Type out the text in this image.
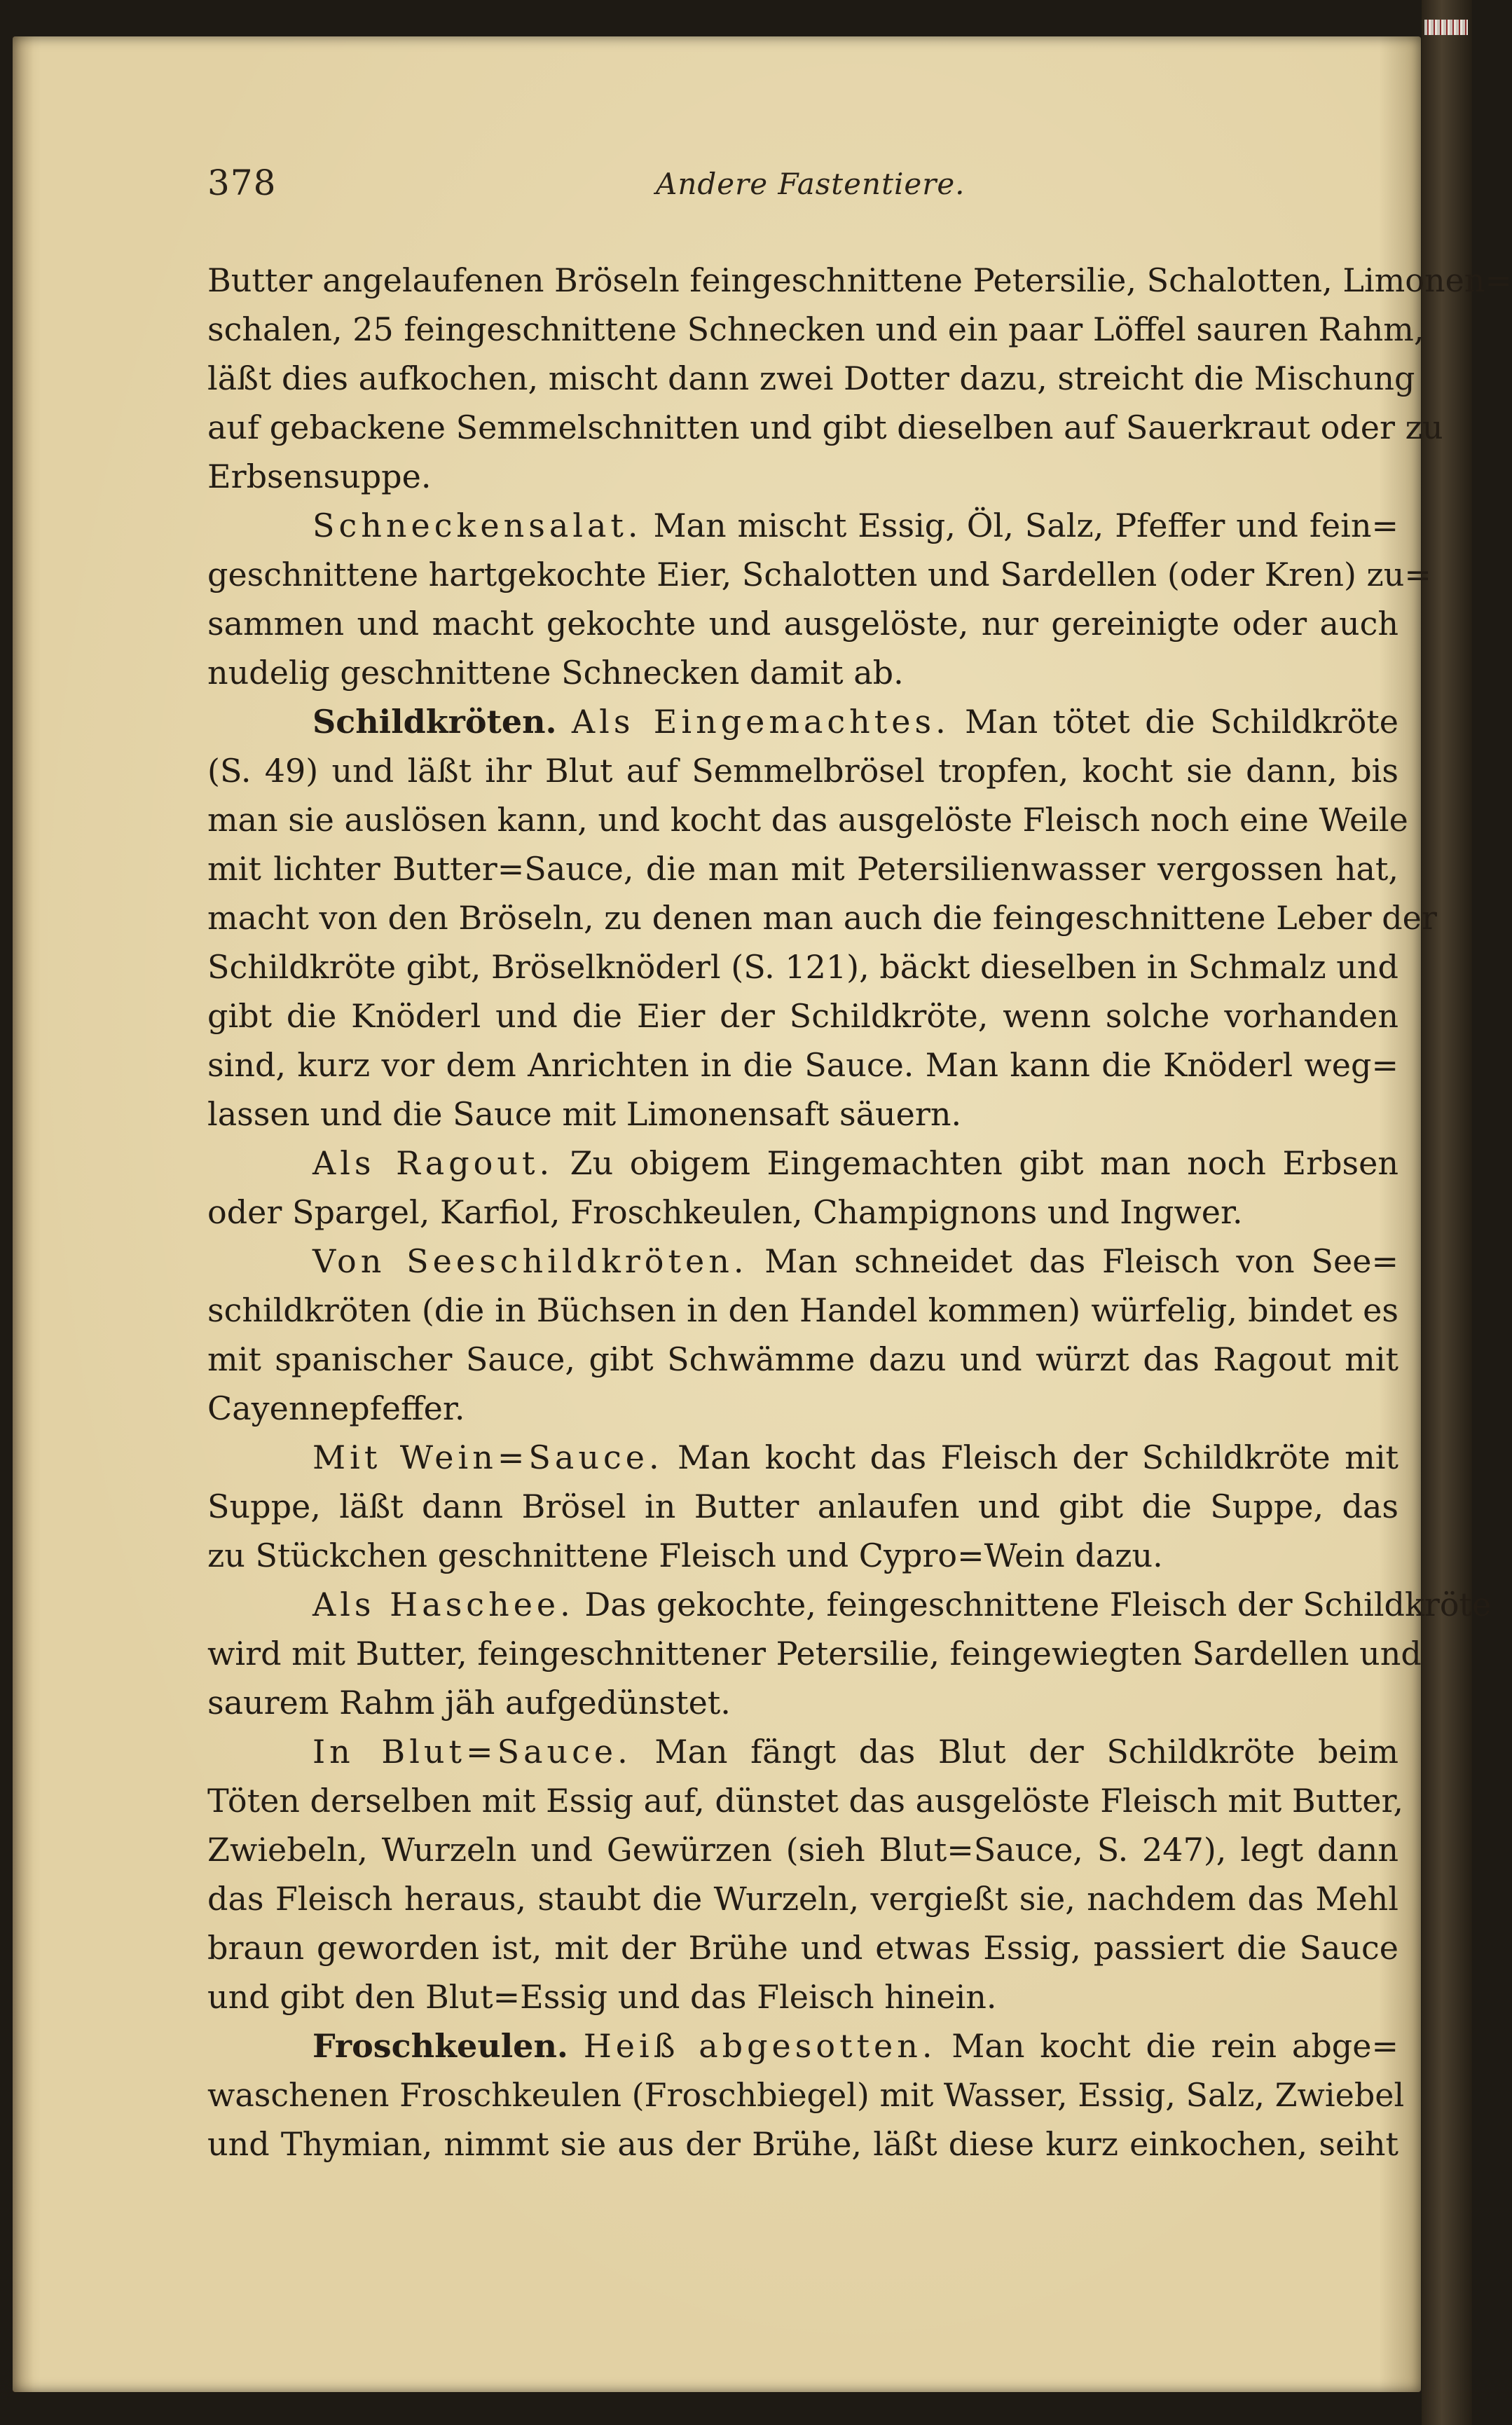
378	Andere Fastentiere.
Butter angelaufenen Bröseln feingeschnittene Petersilie, Schalotten, Limonen=
schalen, 25 feingeschnittene Schnecken und ein paar Löffel sauren Rahm,
läßt dies aufkochen, mischt dann zwei Dotter dazu, streicht die Mischung
auf gebackene Semmelschnitten und gibt dieselben auf Sauerkraut oder zu
Erbsensuppe.
Schneckensalat. Man mischt Essig, Öl, Salz, Pfeffer und fein=
geschnittene hartgekochte Eier, Schalotten und Sardellen (oder Kren) zu=
sammen und macht gekochte und ausgelöste, nur gereinigte oder auch
nudelig geschnittene Schnecken damit ab.
Schildkröten. Als Eingemachtes. Man tötet die Schildkröte
(S. 49) und läßt ihr Blut auf Semmelbrösel tropfen, kocht sie dann, bis
man sie auslösen kann, und kocht das ausgelöste Fleisch noch eine Weile
mit lichter Butter=Sauce, die man mit Petersilienwasser vergossen hat,
macht von den Bröseln, zu denen man auch die feingeschnittene Leber der
Schildkröte gibt, Bröselknöderl (S. 121), bäckt dieselben in Schmalz und
gibt die Knöderl und die Eier der Schildkröte, wenn solche vorhanden
sind, kurz vor dem Anrichten in die Sauce. Man kann die Knöderl weg=
lassen und die Sauce mit Limonensaft säuern.
Als Ragout. Zu obigem Eingemachten gibt man noch Erbsen
oder Spargel, Karfiol, Froschkeulen, Champignons und Ingwer.
Von Seeschildkröten. Man schneidet das Fleisch von See=
schildkröten (die in Büchsen in den Handel kommen) würfelig, bindet es
mit spanischer Sauce, gibt Schwämme dazu und würzt das Ragout mit
Cayennepfeffer.
Mit Wein=Sauce. Man kocht das Fleisch der Schildkröte mit
Suppe, läßt dann Brösel in Butter anlaufen und gibt die Suppe, das
zu Stückchen geschnittene Fleisch und Cypro=Wein dazu.
Als Haschee. Das gekochte, feingeschnittene Fleisch der Schildkröte
wird mit Butter, feingeschnittener Petersilie, feingewiegten Sardellen und
saurem Rahm jäh aufgedünstet.
In Blut=Sauce. Man fängt das Blut der Schildkröte beim
Töten derselben mit Essig auf, dünstet das ausgelöste Fleisch mit Butter,
Zwiebeln, Wurzeln und Gewürzen (sieh Blut=Sauce, S. 247), legt dann
das Fleisch heraus, staubt die Wurzeln, vergießt sie, nachdem das Mehl
braun geworden ist, mit der Brühe und etwas Essig, passiert die Sauce
und gibt den Blut=Essig und das Fleisch hinein.
Froschkeulen. Heiß abgesotten. Man kocht die rein abge=
waschenen Froschkeulen (Froschbiegel) mit Wasser, Essig, Salz, Zwiebel
und Thymian, nimmt sie aus der Brühe, läßt diese kurz einkochen, seiht
